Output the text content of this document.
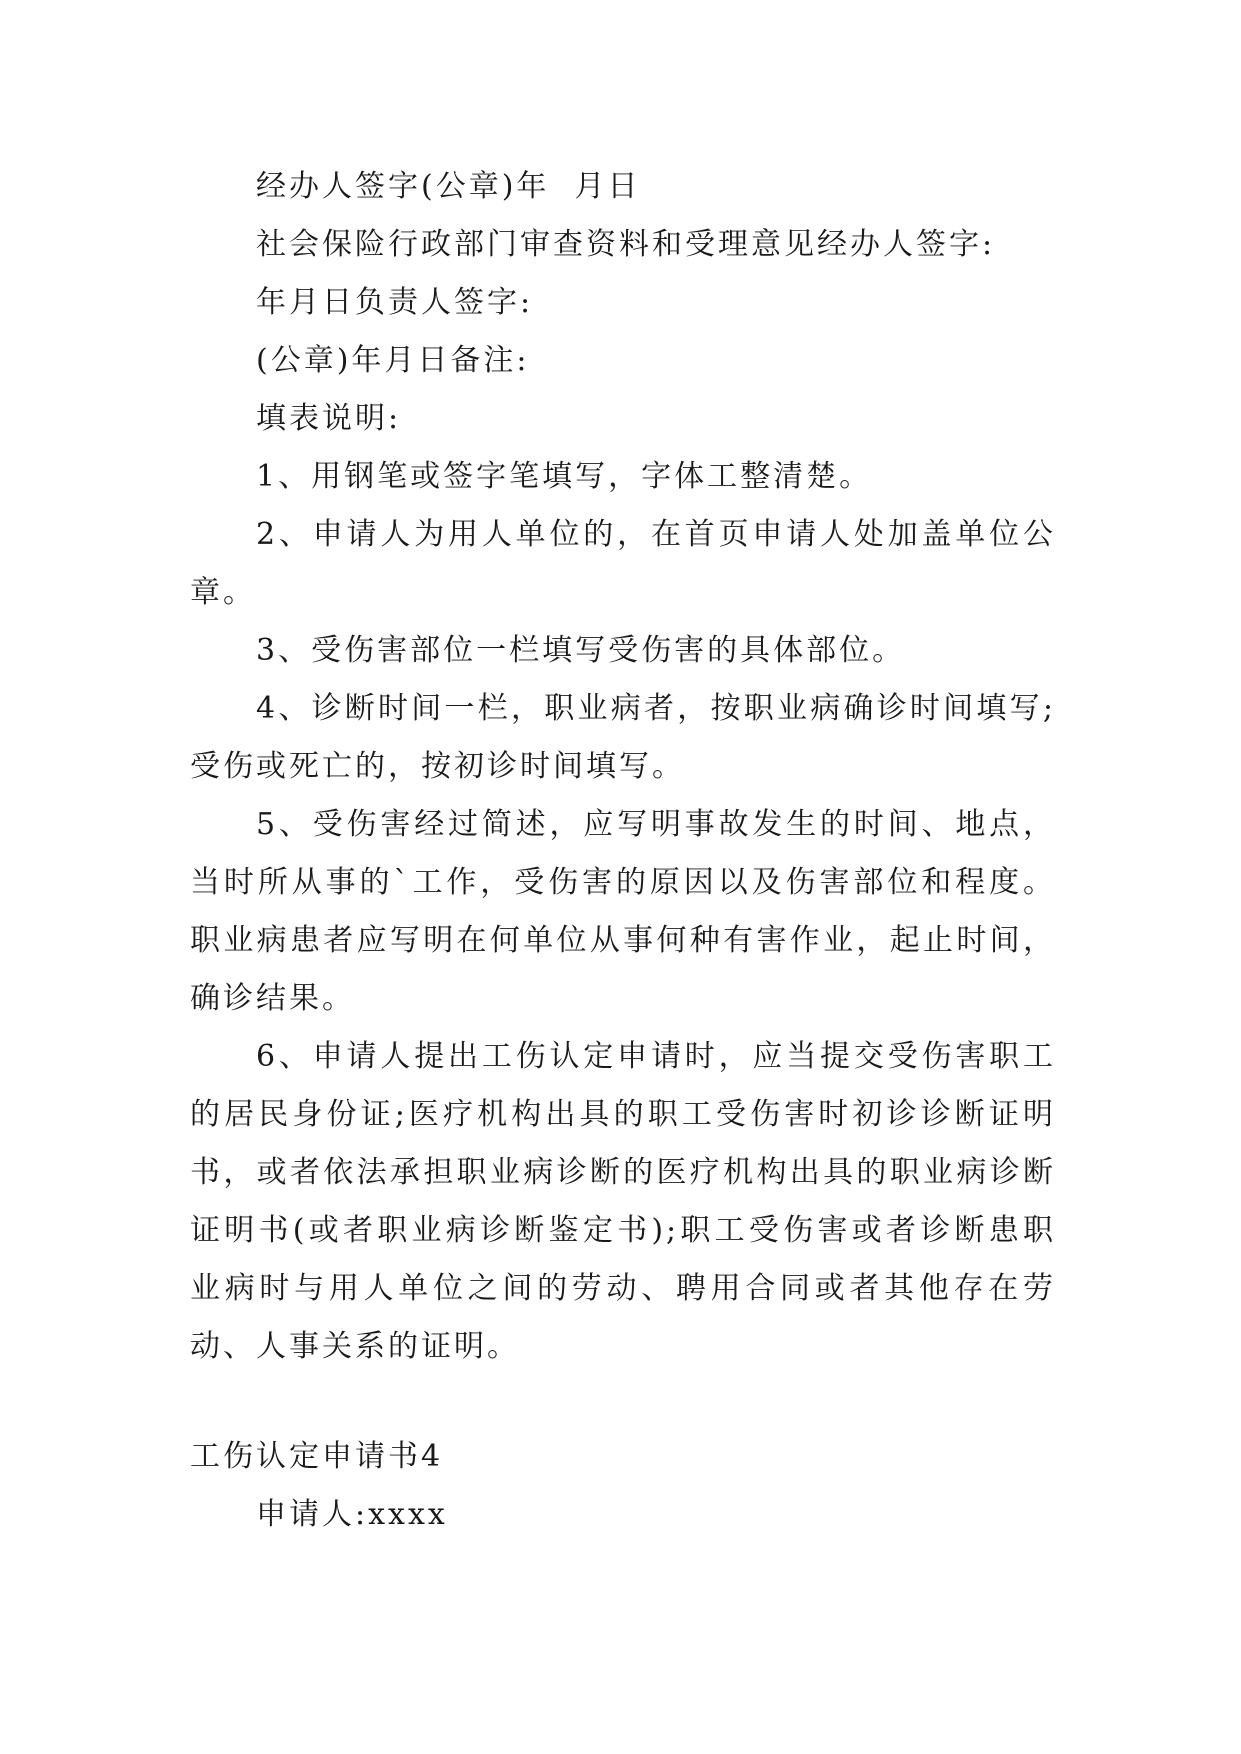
经办人签字(公章)年  月日

社会保险行政部门审查资料和受理意见经办人签字:

年月日负责人签字:

(公章)年月日备注:

填表说明:

1、用钢笔或签字笔填写，字体工整清楚。

2、申请人为用人单位的，在首页申请人处加盖单位公章。

3、受伤害部位一栏填写受伤害的具体部位。

4、诊断时间一栏，职业病者，按职业病确诊时间填写;受伤或死亡的，按初诊时间填写。

5、受伤害经过简述，应写明事故发生的时间、地点，当时所从事的`工作，受伤害的原因以及伤害部位和程度。职业病患者应写明在何单位从事何种有害作业，起止时间，确诊结果。

6、申请人提出工伤认定申请时，应当提交受伤害职工的居民身份证;医疗机构出具的职工受伤害时初诊诊断证明书，或者依法承担职业病诊断的医疗机构出具的职业病诊断证明书(或者职业病诊断鉴定书);职工受伤害或者诊断患职业病时与用人单位之间的劳动、聘用合同或者其他存在劳动、人事关系的证明。

工伤认定申请书4

申请人:xxxx
